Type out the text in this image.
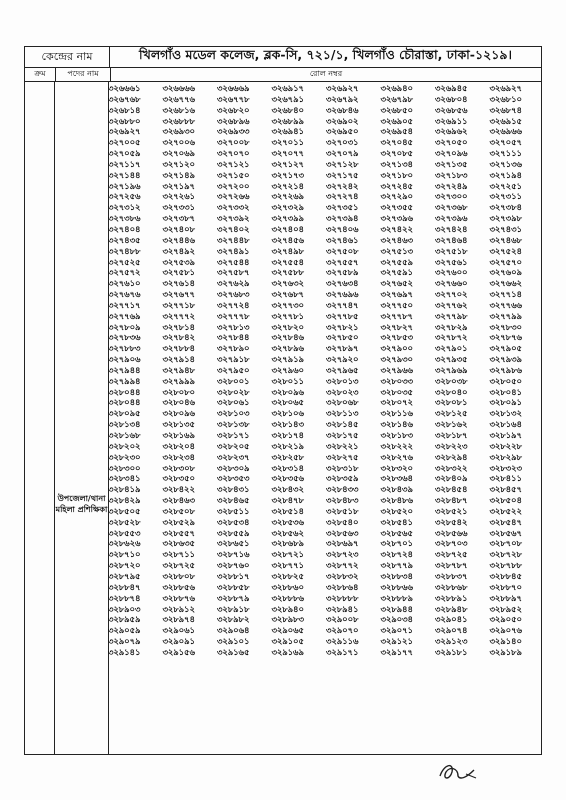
কেন্দ্রের নাম	খিলগাঁও মডেল কলেজ, ব্লক-সি, ৭২১/১, খিলগাঁও চৌরাস্তা, ঢাকা-১২১৯।
ক্রম	পদের নাম	রোল নম্বর
উপজেলা/থানা
মহিলা প্রশিক্ষিকা
৩২৬৬৬১	৩২৬৬৬৬	৩২৬৬৬৯	৩২৬৯১৭	৩২৬৯২৭	৩২৬৯৪০	৩২৬৯৪৫	৩২৬৯২৭
৩২৬৭৬৮	৩২৬৭৭৬	৩২৬৭৭৮	৩২৬৭৯১	৩২৬৭৯২	৩২৬৭৯৮	৩২৬৮০৪	৩২৬৮১০
৩২৬৮১৪	৩২৬৮১৬	৩২৬৮২০	৩২৬৮৪০	৩২৬৮৪৬	৩২৬৮৫০	৩২৬৮৫৬	৩২৬৮৭৪
৩২৬৮৮০	৩২৬৮৮৮	৩২৬৮৯৬	৩২৬৮৯৯	৩২৬৯০২	৩২৬৯০৫	৩২৬৯১১	৩২৬৯১৫
৩২৬৯২৭	৩২৬৯৩০	৩২৬৯৩৩	৩২৬৯৪১	৩২৬৯৫০	৩২৬৯৫৪	৩২৬৯৬২	৩২৬৯৬৬
৩২৭০০৫	৩২৭০০৬	৩২৭০০৮	৩২৭০১১	৩২৭০৩১	৩২৭০৪৫	৩২৭০৫০	৩২৭০৫৭
৩২৭০৫৯	৩২৭০৬৯	৩২৭০৭০	৩২৭০৭৭	৩২৭০৭৯	৩২৭০৮৫	৩২৭০৯৬	৩২৭১১১
৩২৭১১৭	৩২৭১২০	৩২৭১২১	৩২৭১২৭	৩২৭১২৮	৩২৭১৩৪	৩২৭১৩৫	৩২৭১৩৬
৩২৭১৪৪	৩২৭১৪৯	৩২৭১৫০	৩২৭১৭৩	৩২৭১৭৫	৩২৭১৮০	৩২৭১৮৩	৩২৭১৯৪
৩২৭১৯৬	৩২৭১৯৭	৩২৭২০০	৩২৭২১৪	৩২৭২৪২	৩২৭২৪৫	৩২৭২৪৯	৩২৭২৫১
৩২৭২৫৬	৩২৭২৬১	৩২৭২৬৬	৩২৭২৬৯	৩২৭২৭৪	৩২৭২৯০	৩২৭৩০০	৩২৭৩১১
৩২৭৩১২	৩২৭৩৩১	৩২৭৩৩২	৩২৭৩২৯	৩২৭৩৫১	৩২৭৩৫৫	৩২৭৩৬৮	৩২৭৩৮৪
৩২৭৩৮৬	৩২৭৩৮৭	৩২৭৩৯২	৩২৭৩৯৯	৩২৭৩৯৪	৩২৭৩৯৬	৩২৭৩৯৬	৩২৭৩৯৮
৩২৭৪০৪	৩২৭৪০৮	৩২৭৪০২	৩২৭৪০৪	৩২৭৪০৬	৩২৭৪২২	৩২৭৪২৪	৩২৭৪৩১
৩২৭৪৩৫	৩২৭৪৪৬	৩২৭৪৪৮	৩২৭৪৫৬	৩২৭৪৬১	৩২৭৪৬৩	৩২৭৪৬৪	৩২৭৪৬৮
৩২৭৪৮৮	৩২৭৪৯২	৩২৭৪৯১	৩২৭৪৯৮	৩২৭৫০৮	৩২৭৫১৩	৩২৭৫১৮	৩২৭৫২৪
৩২৭৫২৫	৩২৭৫৩৯	৩২৭৫৪৪	৩২৭৫৫৪	৩২৭৫৫৭	৩২৭৫৫৯	৩২৭৫৬১	৩২৭৫৭০
৩২৭৫৭২	৩২৭৫৮১	৩২৭৫৮৭	৩২৭৫৮৮	৩২৭৫৮৯	৩২৭৫৯১	৩২৭৬০০	৩২৭৬০৯
৩২৭৬১০	৩২৭৬১৪	৩২৭৬২৯	৩২৭৬৩২	৩২৭৬৩৪	৩২৭৬৫২	৩২৭৬৬০	৩২৭৬৬২
৩২৭৬৭৬	৩২৭৬৭৭	৩২৭৬৮৩	৩২৭৬৮৭	৩২৭৬৯৬	৩২৭৬৯৭	৩২৭৭০২	৩২৭৭১৪
৩২৭৭১৭	৩২৭৭১৮	৩২৭৭২৪	৩২৭৭৩০	৩২৭৭৪৭	৩২৭৭৫০	৩২৭৭৬২	৩২৭৭৬৬
৩২৭৭৬৯	৩২৭৭৭২	৩২৭৭৭৮	৩২৭৭৮১	৩২৭৭৮৫	৩২৭৭৮৭	৩২৭৭৯৮	৩২৭৭৯৯
৩২৭৮০৯	৩২৭৮১৪	৩২৭৮১৩	৩২৭৮২০	৩২৭৮২১	৩২৭৮২৭	৩২৭৮২৯	৩২৭৮৩০
৩২৭৮৩৬	৩২৭৮৪২	৩২৭৮৪৪	৩২৭৮৪৬	৩২৭৮৫০	৩২৭৮৫৩	৩২৭৮৭২	৩২৭৮৭৬
৩২৭৮৮৩	৩২৭৮৮৪	৩২৭৮৯০	৩২৭৮৯৬	৩২৭৮৯৭	৩২৭৯০০	৩২৭৯০১	৩২৭৯০৫
৩২৭৯০৬	৩২৭৯১৪	৩২৭৯১৮	৩২৭৯১৯	৩২৭৯২০	৩২৭৯৩০	৩২৭৯৩৫	৩২৭৯৩৯
৩২৭৯৪৪	৩২৭৯৪৮	৩২৭৯৫০	৩২৭৯৬০	৩২৭৯৬৫	৩২৭৯৬৬	৩২৭৯৬৯	৩২৭৯৮৬
৩২৭৯৯৪	৩২৭৯৯৯	৩২৮০০১	৩২৮০১১	৩২৮০১৩	৩২৮০৩৩	৩২৮০৩৮	৩২৮০৫০
৩২৮০৪৪	৩২৮০৮০	৩২৮০২৮	৩২৮০৯৬	৩২৮০২৩	৩২৮০৩৫	৩২৮০৪০	৩২৮০৪১
৩২৮০৪৪	৩২৮০৪৬	৩২৮০৬১	৩২৮০৬৫	৩২৮০৬৮	৩২৮০৭২	৩২৮০৮১	৩২৮০৯১
৩২৮০৯৫	৩২৮০৯৬	৩২৮১০৩	৩২৮১০৬	৩২৮১১৩	৩২৮১১৬	৩২৮১২৫	৩২৮১৩২
৩২৮১৩৪	৩২৮১৩৫	৩২৮১৩৮	৩২৮১৪৩	৩২৮১৪৫	৩২৮১৪৬	৩২৮১৬২	৩২৮১৬৪
৩২৮১৬৮	৩২৮১৬৯	৩২৮১৭১	৩২৮১৭৪	৩২৮১৭৫	৩২৮১৮৩	৩২৮১৮৭	৩২৮১৯৭
৩২৮২০২	৩২৮২০৪	৩২৮২০৫	৩২৮২১৯	৩২৮২২১	৩২৮২২২	৩২৮২২৩	৩২৮২২৮
৩২৮২৩০	৩২৮২৩৪	৩২৮২৩৭	৩২৮২৫৮	৩২৮২৭৫	৩২৮২৭৬	৩২৮২৯৪	৩২৮২৯৮
৩২৮৩০০	৩২৮৩০৮	৩২৮৩০৯	৩২৮৩১৪	৩২৮৩১৮	৩২৮৩২০	৩২৮৩২২	৩২৮৩২৩
৩২৮৩৪১	৩২৮৩৫০	৩২৮৩৫৩	৩২৮৩৫৬	৩২৮৩৫৯	৩২৮৩৬৪	৩২৮৪০৯	৩২৮৪১১
৩২৮৪১৯	৩২৮৪২২	৩২৮৪৩১	৩২৮৪৩২	৩২৮৪৩৩	৩২৮৪৩৯	৩২৮৪৫৪	৩২৮৪৫৭
৩২৮৪২৯	৩২৮৪৬৩	৩২৮৪৬৫	৩২৮৪৭৮	৩২৮৪৮৩	৩২৮৪৮৬	৩২৮৪৮৭	৩২৮৫০৪
৩২৮৫০৫	৩২৮৫০৮	৩২৮৫১১	৩২৮৫১৪	৩২৮৫১৮	৩২৮৫২০	৩২৮৫২১	৩২৮৫২২
৩২৮৫২৮	৩২৮৫২৯	৩২৮৫৩৪	৩২৮৫৩৬	৩২৮৫৪০	৩২৮৫৪১	৩২৮৫৪২	৩২৮৫৪৭
৩২৮৫৫৩	৩২৮৫৫৭	৩২৮৫৫৯	৩২৮৫৬২	৩২৮৫৬৩	৩২৮৫৬৫	৩২৮৫৬৬	৩২৮৫৬৭
৩২৮৬২৬	৩২৮৬৩৫	৩২৮৬৫১	৩২৮৬৮৯	৩২৮৬৯৭	৩২৮৭০১	৩২৮৭০৩	৩২৮৭০৮
৩২৮৭১০	৩২৮৭১১	৩২৮৭১৬	৩২৮৭২১	৩২৮৭২৩	৩২৮৭২৪	৩২৮৭২৫	৩২৮৭২৮
৩২৮৭২০	৩২৮৭২৫	৩২৮৭৬০	৩২৮৭৭১	৩২৮৭৭২	৩২৮৭৭৯	৩২৮৭৮৭	৩২৮৭৮৮
৩২৮৭৯৫	৩২৮৮০৮	৩২৮৮১৭	৩২৮৮২৫	৩২৮৮৩২	৩২৮৮৩৪	৩২৮৮৩৭	৩২৮৮৪৫
৩২৮৮৪৭	৩২৮৮৫৬	৩২৮৮৫৮	৩২৮৮৬০	৩২৮৮৬৪	৩২৮৮৬৬	৩২৮৮৬৮	৩২৮৮৭০
৩২৮৮৭৪	৩২৮৮৭৬	৩২৮৮৭৯	৩২৮৮৮৬	৩২৮৮৮৮	৩২৮৮৮৯	৩২৮৮৯১	৩২৮৮৯৭
৩২৮৯০৩	৩২৮৯১২	৩২৮৯১৮	৩২৮৯৪০	৩২৮৯৪১	৩২৮৯৪৪	৩২৮৯৪৮	৩২৮৯৫২
৩২৮৯৫৯	৩২৮৯৭৪	৩২৮৯৮২	৩২৮৯৮৩	৩২৯০০৮	৩২৯০৩৪	৩২৯০৪১	৩২৯০৫০
৩২৯০৫৯	৩২৯০৬১	৩২৯০৬৪	৩২৯০৬৫	৩২৯০৭০	৩২৯০৭১	৩২৯০৭৪	৩২৯০৭৬
৩২৯০৭৯	৩২৯০৯১	৩২৯১০১	৩২৯১০৫	৩২৯১১৬	৩২৯১২১	৩২৯১২৩	৩২৯১৪০
৩২৯১৪১	৩২৯১৫৬	৩২৯১৬৫	৩২৯১৬৯	৩২৯১৭১	৩২৯১৭৭	৩২৯১৮১	৩২৯১৮৯
